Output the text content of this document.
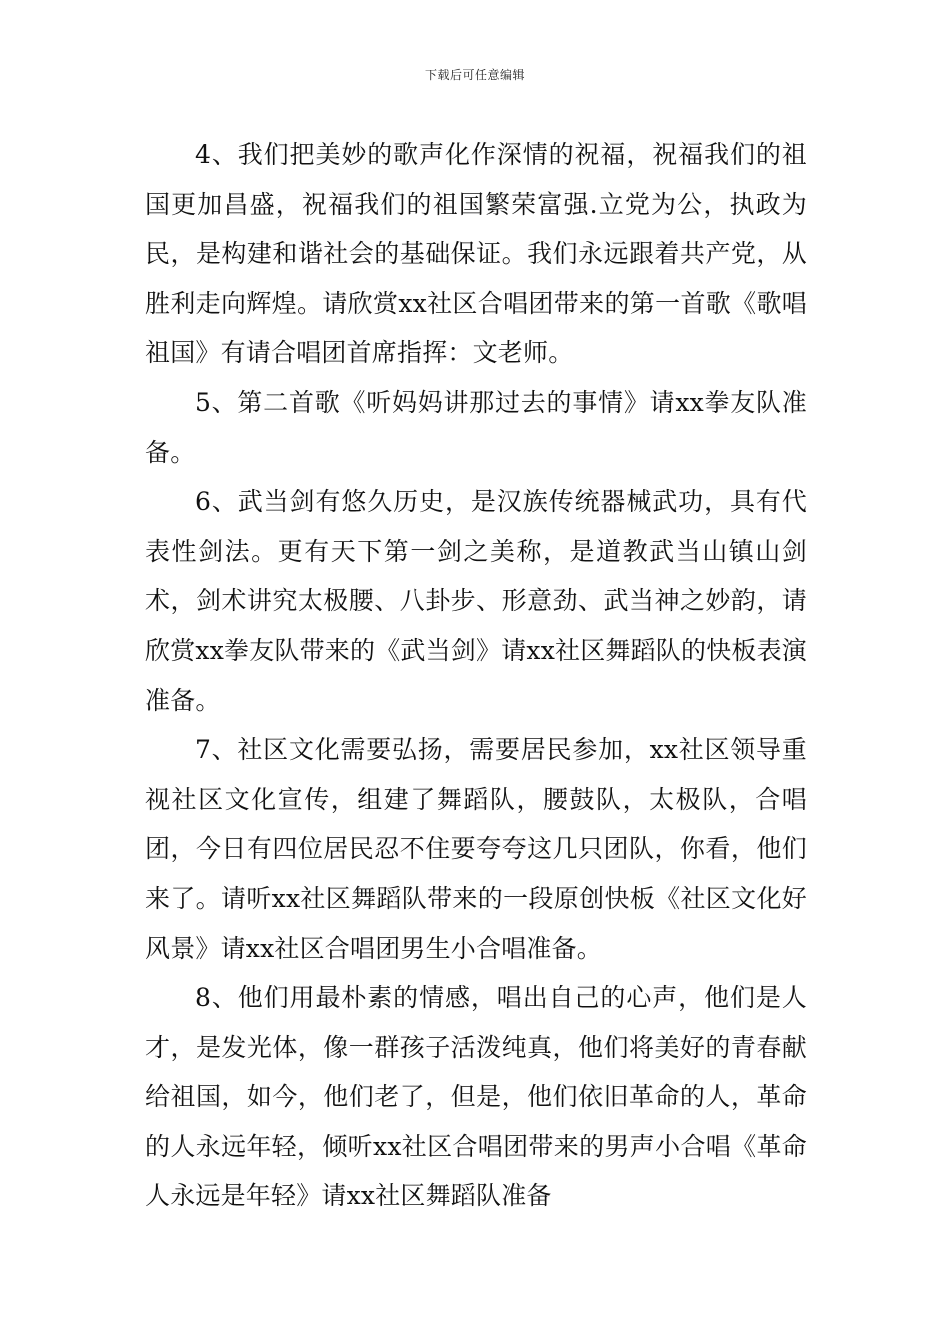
下载后可任意编辑

4、我们把美妙的歌声化作深情的祝福，祝福我们的祖国更加昌盛，祝福我们的祖国繁荣富强.立党为公，执政为民，是构建和谐社会的基础保证。我们永远跟着共产党，从胜利走向辉煌。请欣赏xx社区合唱团带来的第一首歌《歌唱祖国》有请合唱团首席指挥：文老师。

5、第二首歌《听妈妈讲那过去的事情》请xx拳友队准备。

6、武当剑有悠久历史，是汉族传统器械武功，具有代表性剑法。更有天下第一剑之美称，是道教武当山镇山剑术，剑术讲究太极腰、八卦步、形意劲、武当神之妙韵，请欣赏xx拳友队带来的《武当剑》请xx社区舞蹈队的快板表演准备。

7、社区文化需要弘扬，需要居民参加，xx社区领导重视社区文化宣传，组建了舞蹈队，腰鼓队，太极队，合唱团，今日有四位居民忍不住要夸夸这几只团队，你看，他们来了。请听xx社区舞蹈队带来的一段原创快板《社区文化好风景》请xx社区合唱团男生小合唱准备。

8、他们用最朴素的情感，唱出自己的心声，他们是人才，是发光体，像一群孩子活泼纯真，他们将美好的青春献给祖国，如今，他们老了，但是，他们依旧革命的人，革命的人永远年轻，倾听xx社区合唱团带来的男声小合唱《革命人永远是年轻》请xx社区舞蹈队准备
